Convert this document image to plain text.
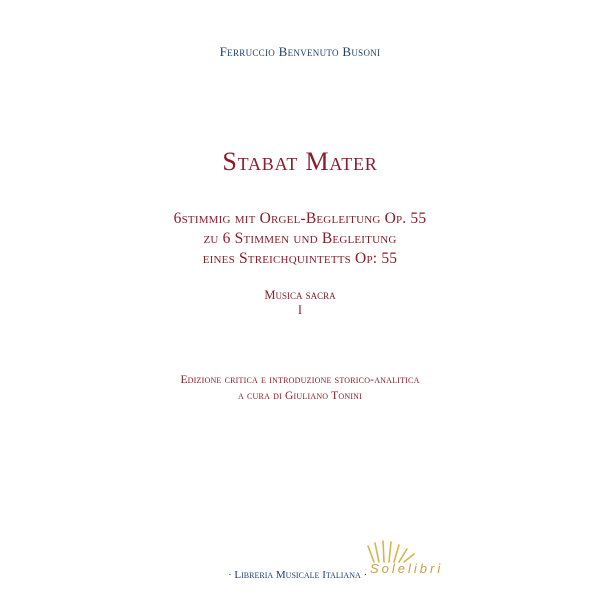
Ferruccio Benvenuto Busoni
Stabat Mater
6stimmig mit Orgel-Begleitung Op. 55
zu 6 Stimmen und Begleitung
eines Streichquintetts Op: 55
Musica sacra
I
Edizione critica e introduzione storico-analitica
a cura di Giuliano Tonini
· Libreria Musicale Italiana · Solelibri
